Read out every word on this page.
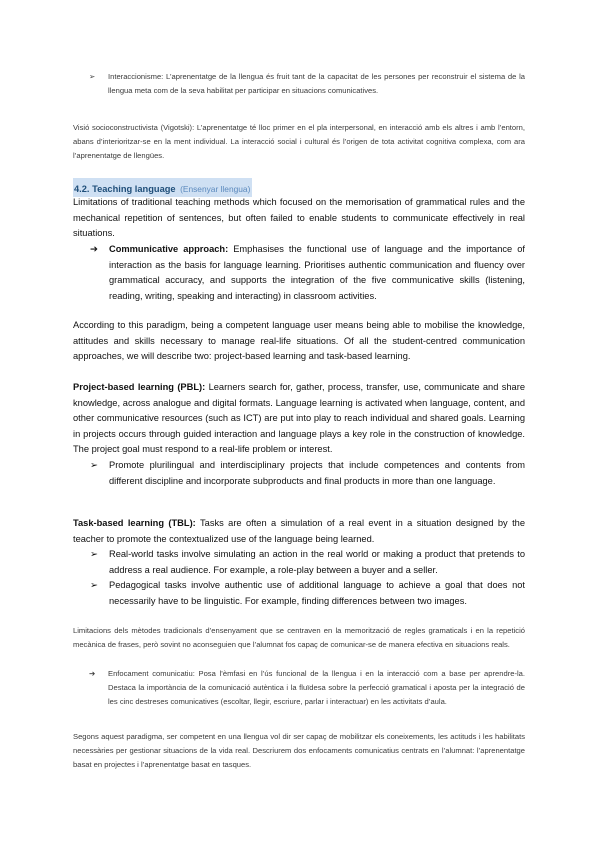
➢ Interaccionisme: L’aprenentatge de la llengua és fruit tant de la capacitat de les persones per reconstruir el sistema de la llengua meta com de la seva habilitat per participar en situacions comunicatives.
Visió socioconstructivista (Vigotski): L’aprenentatge té lloc primer en el pla interpersonal, en interacció amb els altres i amb l’entorn, abans d’interioritzar-se en la ment individual. La interacció social i cultural és l’origen de tota activitat cognitiva complexa, com ara l’aprenentatge de llengües.
4.2. Teaching language (Ensenyar llengua)
Limitations of traditional teaching methods which focused on the memorisation of grammatical rules and the mechanical repetition of sentences, but often failed to enable students to communicate effectively in real situations.
➔ Communicative approach: Emphasises the functional use of language and the importance of interaction as the basis for language learning. Prioritises authentic communication and fluency over grammatical accuracy, and supports the integration of the five communicative skills (listening, reading, writing, speaking and interacting) in classroom activities.
According to this paradigm, being a competent language user means being able to mobilise the knowledge, attitudes and skills necessary to manage real-life situations. Of all the student-centred communication approaches, we will describe two: project-based learning and task-based learning.
Project-based learning (PBL): Learners search for, gather, process, transfer, use, communicate and share knowledge, across analogue and digital formats. Language learning is activated when language, content, and other communicative resources (such as ICT) are put into play to reach individual and shared goals. Learning in projects occurs through guided interaction and language plays a key role in the construction of knowledge. The project goal must respond to a real-life problem or interest.
➢ Promote plurilingual and interdisciplinary projects that include competences and contents from different discipline and incorporate subproducts and final products in more than one language.
Task-based learning (TBL): Tasks are often a simulation of a real event in a situation designed by the teacher to promote the contextualized use of the language being learned.
➢ Real-world tasks involve simulating an action in the real world or making a product that pretends to address a real audience. For example, a role-play between a buyer and a seller.
➢ Pedagogical tasks involve authentic use of additional language to achieve a goal that does not necessarily have to be linguistic. For example, finding differences between two images.
Limitacions dels mètodes tradicionals d’ensenyament que se centraven en la memorització de regles gramaticals i en la repetició mecànica de frases, però sovint no aconseguien que l’alumnat fos capaç de comunicar-se de manera efectiva en situacions reals.
➔ Enfocament comunicatiu: Posa l’èmfasi en l’ús funcional de la llengua i en la interacció com a base per aprendre-la. Destaca la importància de la comunicació autèntica i la fluïdesa sobre la perfecció gramatical i aposta per la integració de les cinc destreses comunicatives (escoltar, llegir, escriure, parlar i interactuar) en les activitats d’aula.
Segons aquest paradigma, ser competent en una llengua vol dir ser capaç de mobilitzar els coneixements, les actituds i les habilitats necessàries per gestionar situacions de la vida real. Descriurem dos enfocaments comunicatius centrats en l’alumnat: l’aprenentatge basat en projectes i l’aprenentatge basat en tasques.
